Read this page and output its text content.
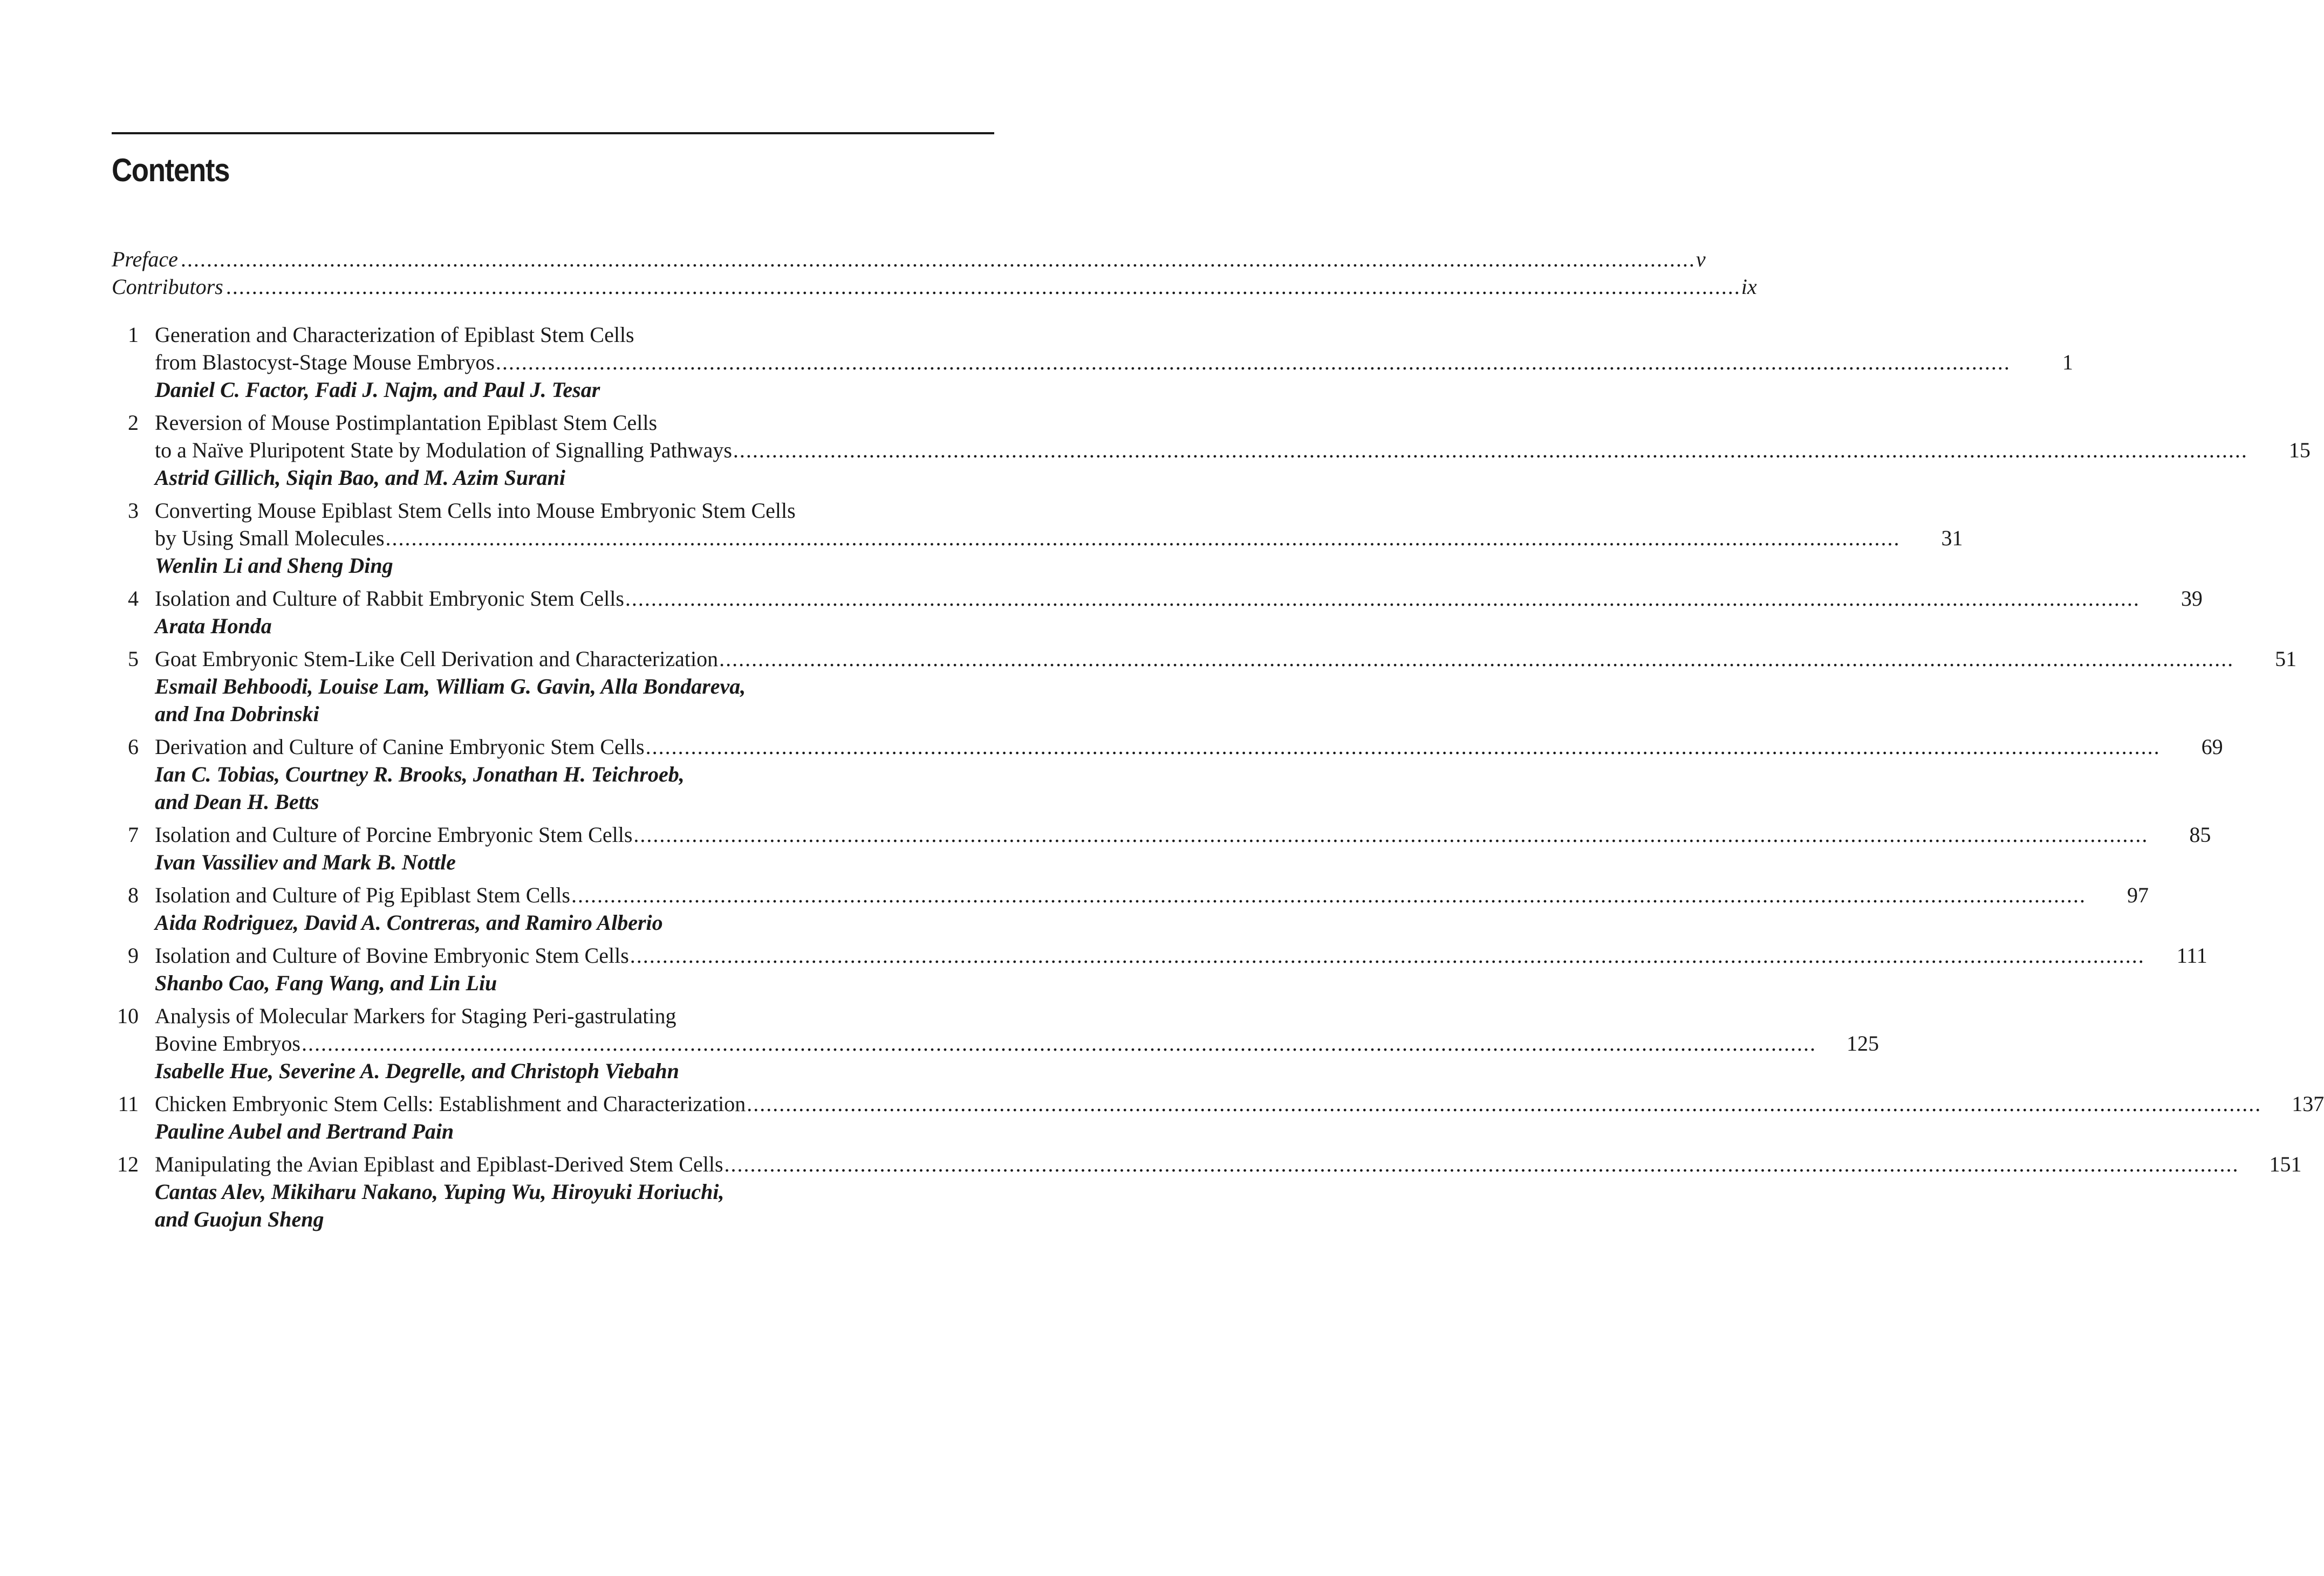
Contents
Preface .....	v
Contributors .....	ix
1 Generation and Characterization of Epiblast Stem Cells
from Blastocyst-Stage Mouse Embryos .....	1
Daniel C. Factor, Fadi J. Najm, and Paul J. Tesar
2 Reversion of Mouse Postimplantation Epiblast Stem Cells
to a Naïve Pluripotent State by Modulation of Signalling Pathways .....	15
Astrid Gillich, Siqin Bao, and M. Azim Surani
3 Converting Mouse Epiblast Stem Cells into Mouse Embryonic Stem Cells
by Using Small Molecules .....	31
Wenlin Li and Sheng Ding
4 Isolation and Culture of Rabbit Embryonic Stem Cells .....	39
Arata Honda
5 Goat Embryonic Stem-Like Cell Derivation and Characterization .....	51
Esmail Behboodi, Louise Lam, William G. Gavin, Alla Bondareva,
and Ina Dobrinski
6 Derivation and Culture of Canine Embryonic Stem Cells .....	69
Ian C. Tobias, Courtney R. Brooks, Jonathan H. Teichroeb,
and Dean H. Betts
7 Isolation and Culture of Porcine Embryonic Stem Cells .....	85
Ivan Vassiliev and Mark B. Nottle
8 Isolation and Culture of Pig Epiblast Stem Cells .....	97
Aida Rodriguez, David A. Contreras, and Ramiro Alberio
9 Isolation and Culture of Bovine Embryonic Stem Cells .....	111
Shanbo Cao, Fang Wang, and Lin Liu
10 Analysis of Molecular Markers for Staging Peri-gastrulating
Bovine Embryos .....	125
Isabelle Hue, Severine A. Degrelle, and Christoph Viebahn
11 Chicken Embryonic Stem Cells: Establishment and Characterization .....	137
Pauline Aubel and Bertrand Pain
12 Manipulating the Avian Epiblast and Epiblast-Derived Stem Cells .....	151
Cantas Alev, Mikiharu Nakano, Yuping Wu, Hiroyuki Horiuchi,
and Guojun Sheng
